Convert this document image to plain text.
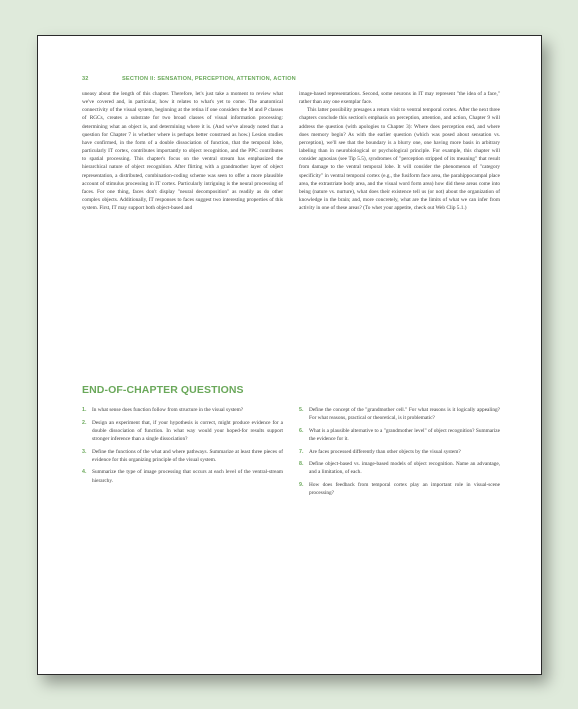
32	SECTION II: SENSATION, PERCEPTION, ATTENTION, ACTION

uneasy about the length of this chapter. Therefore, let's just take a moment to review what we've covered and, in particular, how it relates to what's yet to come. The anatomical connectivity of the visual system, beginning at the retina if one considers the M and P classes of RGCs, creates a substrate for two broad classes of visual information processing: determining what an object is, and determining where it is. (And we've already noted that a question for Chapter 7 is whether where is perhaps better construed as how.) Lesion studies have confirmed, in the form of a double dissociation of function, that the temporal lobe, particularly IT cortex, contributes importantly to object recognition, and the PPC contributes to spatial processing. This chapter's focus on the ventral stream has emphasized the hierarchical nature of object recognition. After flirting with a grandmother layer of object representation, a distributed, combination-coding scheme was seen to offer a more plausible account of stimulus processing in IT cortex. Particularly intriguing is the neural processing of faces. For one thing, faces don't display "neural decomposition" as readily as do other complex objects. Additionally, IT responses to faces suggest two interesting properties of this system. First, IT may support both object-based and

image-based representations. Second, some neurons in IT may represent "the idea of a face," rather than any one exemplar face.

This latter possibility presages a return visit to ventral temporal cortex. After the next three chapters conclude this section's emphasis on perception, attention, and action, Chapter 9 will address the question (with apologies to Chapter 3): Where does perception end, and where does memory begin? As with the earlier question (which was posed about sensation vs. perception), we'll see that the boundary is a blurry one, one having more basis in arbitrary labeling than in neurobiological or psychological principle. For example, this chapter will consider agnosias (see Tip 5.5), syndromes of "perception stripped of its meaning" that result from damage to the ventral temporal lobe. It will consider the phenomenon of "category specificity" in ventral temporal cortex (e.g., the fusiform face area, the parahippocampal place area, the extrastriate body area, and the visual word form area) how did these areas come into being (nature vs. nurture), what does their existence tell us (or not) about the organization of knowledge in the brain; and, more concretely, what are the limits of what we can infer from activity in one of these areas? (To whet your appetite, check out Web Clip 5.1.)

END-OF-CHAPTER QUESTIONS
1.	In what sense does function follow from structure in the visual system?
2.	Design an experiment that, if your hypothesis is correct, might produce evidence for a double dissociation of function. In what way would your hoped-for results support stronger inference than a single dissociation?
3.	Define the functions of the what and where pathways. Summarize at least three pieces of evidence for this organizing principle of the visual system.
4.	Summarize the type of image processing that occurs at each level of the ventral-stream hierarchy.
5.	Define the concept of the "grandmother cell." For what reasons is it logically appealing? For what reasons, practical or theoretical, is it problematic?
6.	What is a plausible alternative to a "grandmother level" of object recognition? Summarize the evidence for it.
7.	Are faces processed differently than other objects by the visual system?
8.	Define object-based vs. image-based models of object recognition. Name an advantage, and a limitation, of each.
9.	How does feedback from temporal cortex play an important role in visual-scene processing?
